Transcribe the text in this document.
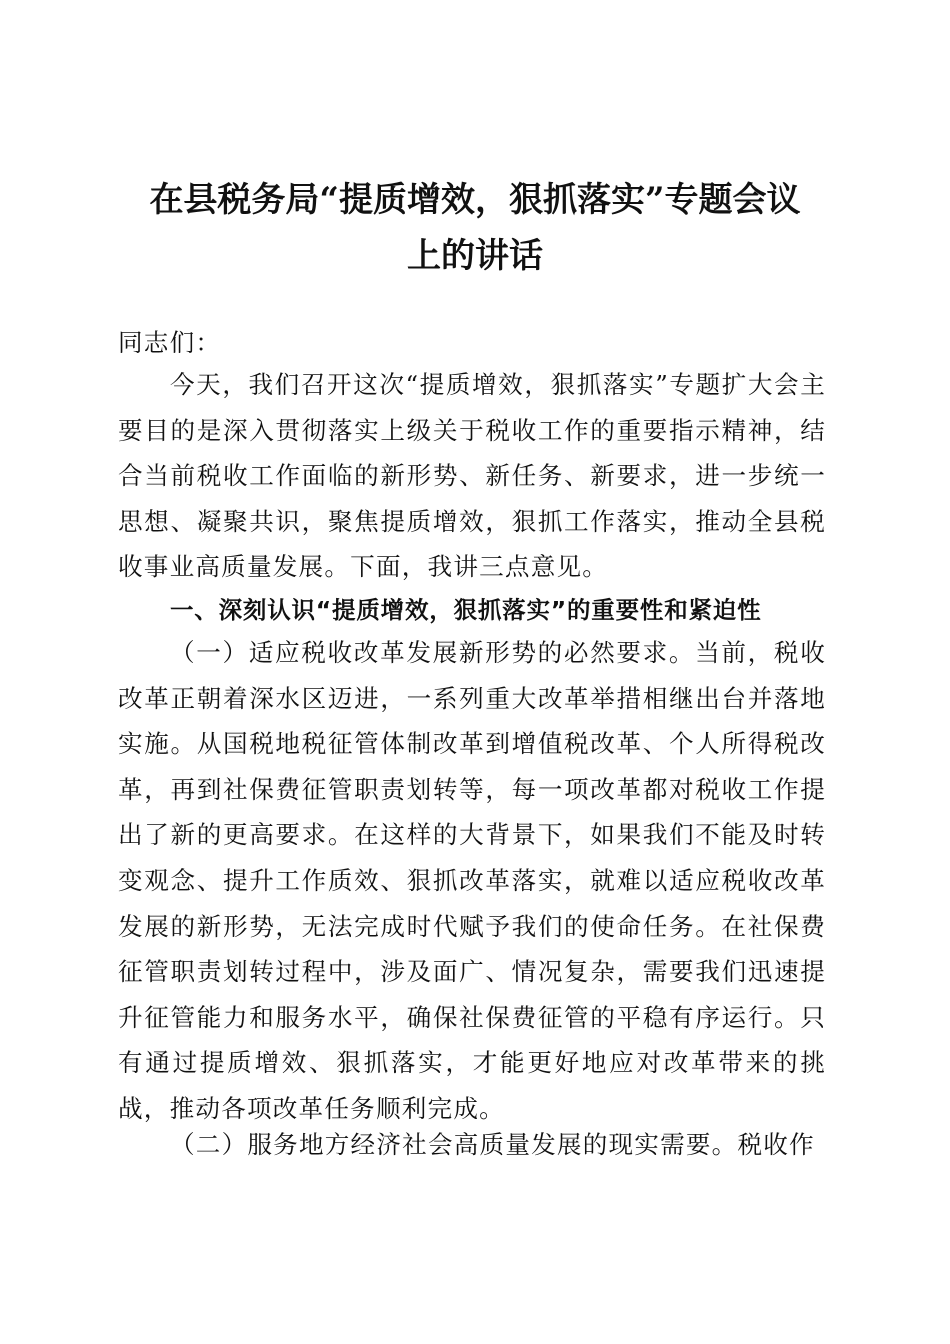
在县税务局“提质增效，狠抓落实”专题会议
上的讲话

同志们：

今天，我们召开这次“提质增效，狠抓落实”专题扩大会主要目的是深入贯彻落实上级关于税收工作的重要指示精神，结合当前税收工作面临的新形势、新任务、新要求，进一步统一思想、凝聚共识，聚焦提质增效，狠抓工作落实，推动全县税收事业高质量发展。下面，我讲三点意见。

一、深刻认识“提质增效，狠抓落实”的重要性和紧迫性

（一）适应税收改革发展新形势的必然要求。当前，税收改革正朝着深水区迈进，一系列重大改革举措相继出台并落地实施。从国税地税征管体制改革到增值税改革、个人所得税改革，再到社保费征管职责划转等，每一项改革都对税收工作提出了新的更高要求。在这样的大背景下，如果我们不能及时转变观念、提升工作质效、狠抓改革落实，就难以适应税收改革发展的新形势，无法完成时代赋予我们的使命任务。在社保费征管职责划转过程中，涉及面广、情况复杂，需要我们迅速提升征管能力和服务水平，确保社保费征管的平稳有序运行。只有通过提质增效、狠抓落实，才能更好地应对改革带来的挑战，推动各项改革任务顺利完成。

（二）服务地方经济社会高质量发展的现实需要。税收作
